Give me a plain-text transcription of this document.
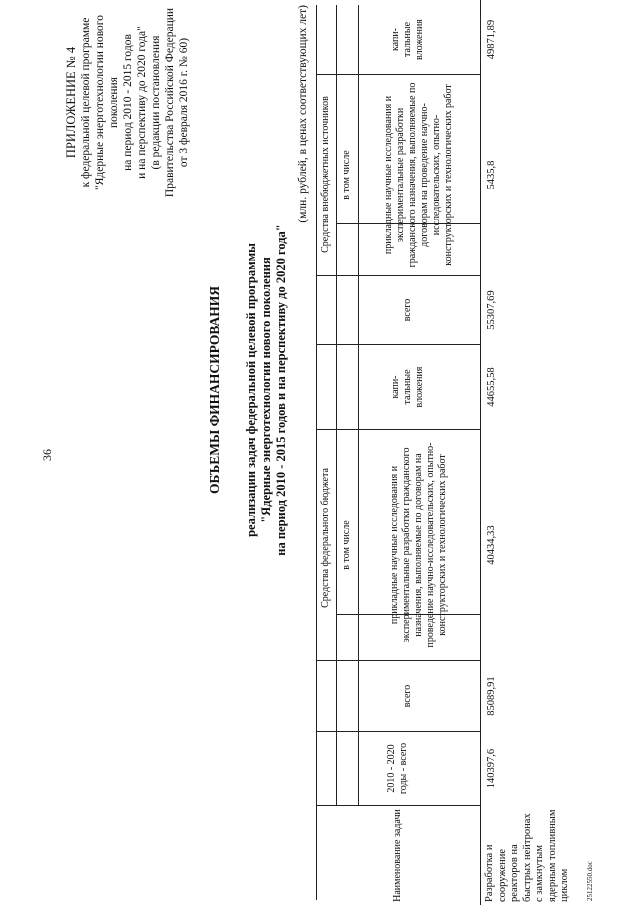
36
ПРИЛОЖЕНИЕ № 4 к федеральной целевой программе "Ядерные энерготехнологии нового поколения на период 2010 - 2015 годов и на перспективу до 2020 года" (в редакции постановления Правительства Российской Федерации от 3 февраля 2016 г. № 60)
ОБЪЕМЫ ФИНАНСИРОВАНИЯ реализации задач федеральной целевой программы "Ядерные энерготехнологии нового поколения на период 2010 - 2015 годов и на перспективу до 2020 года"
(млн. рублей, в ценах соответствующих лет)
Наименование задачи
2010 - 2020 годы - всего
Средства федерального бюджета
Средства внебюджетных источников
всего
в том числе	прикладные научные исследования и экспериментальные разработки гражданского назначения, выполняемые по договорам на проведение научно-исследовательских, опытно-конструкторских и технологических работ
капи-тальные вложения
всего
в том числе	прикладные научные исследования и экспериментальные разработки гражданского назначения, выполняемые по договорам на проведение научно-исследовательских, опытно-конструкторских и технологических работ
капи-тальные вложения
Разработка и сооружение реакторов на быстрых нейтронах с замкнутым ядерным топливным циклом
140397,6
85089,91
40434,33
44655,58
55307,69
5435,8
49871,89
25122550.doc
